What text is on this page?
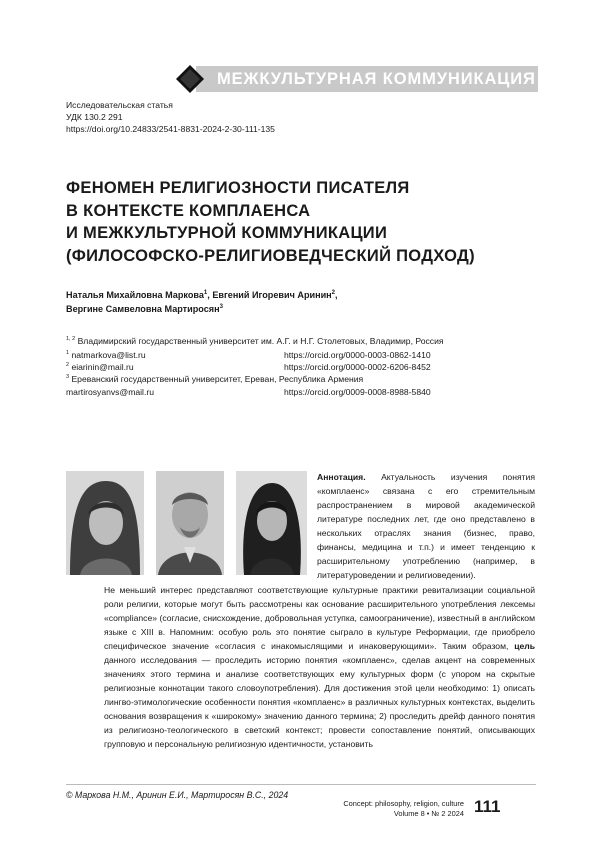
МЕЖКУЛЬТУРНАЯ КОММУНИКАЦИЯ
Исследовательская статья
УДК 130.2 291
https://doi.org/10.24833/2541-8831-2024-2-30-111-135
ФЕНОМЕН РЕЛИГИОЗНОСТИ ПИСАТЕЛЯ
В КОНТЕКСТЕ КОМПЛАЕНСА
И МЕЖКУЛЬТУРНОЙ КОММУНИКАЦИИ
(ФИЛОСОФСКО-РЕЛИГИОВЕДЧЕСКИЙ ПОДХОД)
Наталья Михайловна Маркова$^1$, Евгений Игоревич Аринин$^2$,
Вергине Самвеловна Мартиросян$^3$
$^{1, 2}$ Владимирский государственный университет им. А.Г. и Н.Г. Столетовых, Владимир, Россия
$^1$ natmarkova@list.ru	https://orcid.org/0000-0003-0862-1410
$^2$ eiarinin@mail.ru	https://orcid.org/0000-0002-6206-8452
$^3$ Ереванский государственный университет, Ереван, Республика Армения
martirosyanvs@mail.ru	https://orcid.org/0009-0008-8988-5840
Аннотация. Актуальность изучения понятия «комплаенс» связана с его стремительным распространением в мировой академической литературе последних лет, где оно представлено в нескольких отраслях знания (бизнес, право, финансы, медицина и т.п.) и имеет тенденцию к расширительному употреблению (например, в литературоведении и религиоведении).
Не меньший интерес представляют соответствующие культурные практики ревитализации социальной роли религии, которые могут быть рассмотрены как основание расширительного употребления лексемы «compliance» (согласие, снисхождение, добровольная уступка, самоограничение), известный в английском языке с XIII в. Напомним: особую роль это понятие сыграло в культуре Реформации, где приобрело специфическое значение «согласия с инакомыслящими и инаковерующими». Таким образом, цель данного исследования — проследить историю понятия «комплаенс», сделав акцент на современных значениях этого термина и анализе соответствующих ему культурных форм (с упором на скрытые религиозные коннотации такого словоупотребления). Для достижения этой цели необходимо: 1) описать лингво-этимологические особенности понятия «комплаенс» в различных культурных контекстах, выделить основания возвращения к «широкому» значению данного термина; 2) проследить дрейф данного понятия из религиозно-теологического в светский контекст; провести сопоставление понятий, описывающих групповую и персональную религиозную идентичности, установить
© Маркова Н.М., Аринин Е.И., Мартиросян В.С., 2024
Concept: philosophy, religion, culture
Volume 8 • № 2 2024 111
